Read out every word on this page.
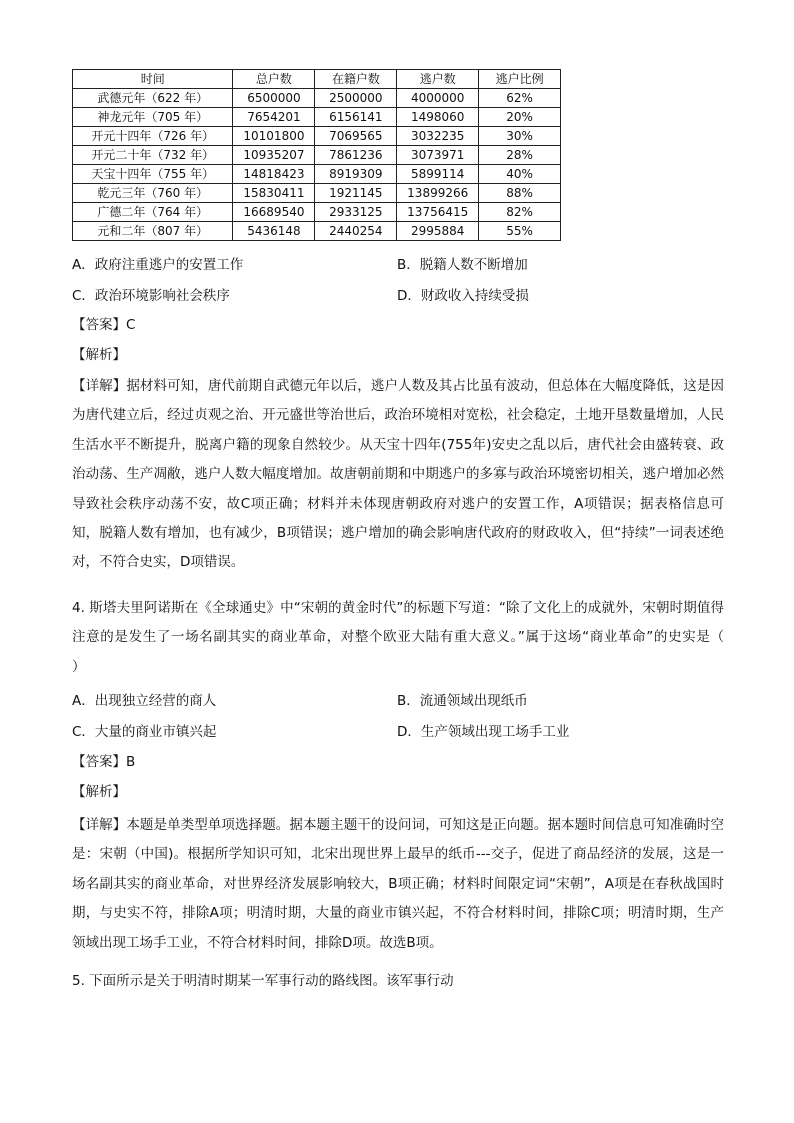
时间	总户数	在籍户数	逃户数	逃户比例
武德元年（622 年）	6500000	2500000	4000000	62%
神龙元年（705 年）	7654201	6156141	1498060	20%
开元十四年（726 年）	10101800	7069565	3032235	30%
开元二十年（732 年）	10935207	7861236	3073971	28%
天宝十四年（755 年）	14818423	8919309	5899114	40%
乾元三年（760 年）	15830411	1921145	13899266	88%
广德二年（764 年）	16689540	2933125	13756415	82%
元和二年（807 年）	5436148	2440254	2995884	55%
A．政府注重逃户的安置工作	B．脱籍人数不断增加
C．政治环境影响社会秩序	D．财政收入持续受损
【答案】C
【解析】
【详解】据材料可知，唐代前期自武德元年以后，逃户人数及其占比虽有波动，但总体在大幅度降低，这是因为唐代建立后，经过贞观之治、开元盛世等治世后，政治环境相对宽松，社会稳定，土地开垦数量增加，人民生活水平不断提升，脱离户籍的现象自然较少。从天宝十四年(755年)安史之乱以后，唐代社会由盛转衰、政治动荡、生产凋敝，逃户人数大幅度增加。故唐朝前期和中期逃户的多寡与政治环境密切相关，逃户增加必然导致社会秩序动荡不安，故C项正确；材料并未体现唐朝政府对逃户的安置工作，A项错误；据表格信息可知，脱籍人数有增加，也有减少，B项错误；逃户增加的确会影响唐代政府的财政收入，但“持续”一词表述绝对，不符合史实，D项错误。
4. 斯塔夫里阿诺斯在《全球通史》中“宋朝的黄金时代”的标题下写道：“除了文化上的成就外，宋朝时期值得注意的是发生了一场名副其实的商业革命，对整个欧亚大陆有重大意义。”属于这场“商业革命”的史实是（　　）
A．出现独立经营的商人	B．流通领域出现纸币
C．大量的商业市镇兴起	D．生产领域出现工场手工业
【答案】B
【解析】
【详解】本题是单类型单项选择题。据本题主题干的设问词，可知这是正向题。据本题时间信息可知准确时空是：宋朝（中国)。根据所学知识可知，北宋出现世界上最早的纸币---交子，促进了商品经济的发展，这是一场名副其实的商业革命，对世界经济发展影响较大，B项正确；材料时间限定词“宋朝”，A项是在春秋战国时期，与史实不符，排除A项；明清时期，大量的商业市镇兴起，不符合材料时间，排除C项；明清时期，生产领域出现工场手工业，不符合材料时间，排除D项。故选B项。
5. 下面所示是关于明清时期某一军事行动的路线图。该军事行动
